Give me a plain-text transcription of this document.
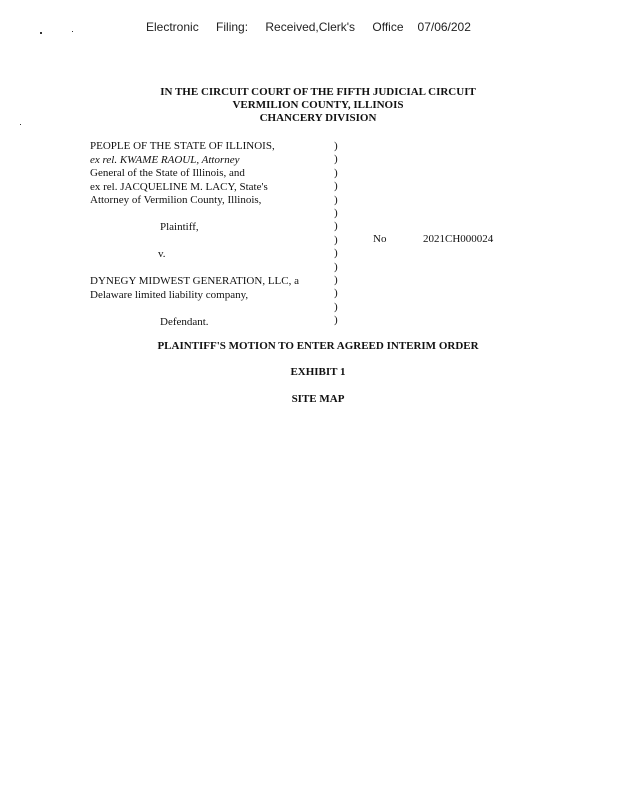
Electronic Filing: Received,Clerk's Office 07/06/202
IN THE CIRCUIT COURT OF THE FIFTH JUDICIAL CIRCUIT
VERMILION COUNTY, ILLINOIS
CHANCERY DIVISION
PEOPLE OF THE STATE OF ILLINOIS,
ex rel. KWAME RAOUL, Attorney
General of the State of Illinois, and
ex rel. JACQUELINE M. LACY, State's
Attorney of Vermilion County, Illinois,
Plaintiff,
v.
DYNEGY MIDWEST GENERATION, LLC, a
Delaware limited liability company,
Defendant.
)
)
)
)
)
)
)
)
)
)
)
)
)
)
No	2021CH000024
PLAINTIFF'S MOTION TO ENTER AGREED INTERIM ORDER
EXHIBIT 1
SITE MAP
